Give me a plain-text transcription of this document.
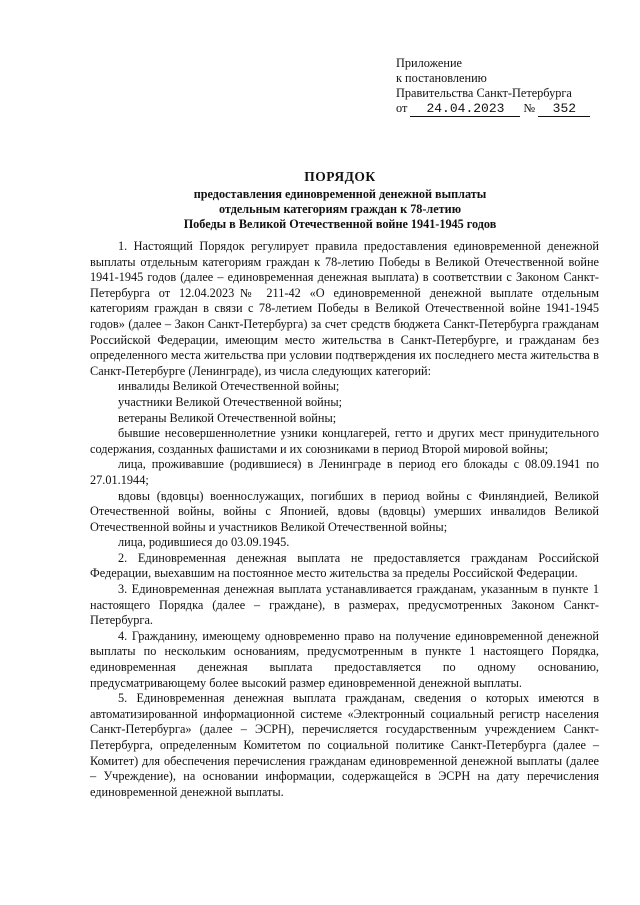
Приложение
к постановлению
Правительства Санкт-Петербурга
от 24.04.2023 № 352
ПОРЯДОК
предоставления единовременной денежной выплаты
отдельным категориям граждан к 78-летию
Победы в Великой Отечественной войне 1941-1945 годов

1. Настоящий Порядок регулирует правила предоставления единовременной денежной выплаты отдельным категориям граждан к 78-летию Победы в Великой Отечественной войне 1941-1945 годов (далее – единовременная денежная выплата) в соответствии с Законом Санкт-Петербурга от 12.04.2023№ 211-42 «О единовременной денежной выплате отдельным категориям граждан в связи с 78-летием Победы в Великой Отечественной войне 1941-1945 годов» (далее – Закон Санкт-Петербурга) за счет средств бюджета Санкт-Петербурга гражданам Российской Федерации, имеющим место жительства в Санкт-Петербурге, и гражданам без определенного места жительства при условии подтверждения их последнего места жительства в Санкт-Петербурге (Ленинграде), из числа следующих категорий:

инвалиды Великой Отечественной войны;

участники Великой Отечественной войны;

ветераны Великой Отечественной войны;

бывшие несовершеннолетние узники концлагерей, гетто и других мест принудительного содержания, созданных фашистами и их союзниками в период Второй мировой войны;

лица, проживавшие (родившиеся) в Ленинграде в период его блокады с 08.09.1941 по 27.01.1944;

вдовы (вдовцы) военнослужащих, погибших в период войны с Финляндией, Великой Отечественной войны, войны с Японией, вдовы (вдовцы) умерших инвалидов Великой Отечественной войны и участников Великой Отечественной войны;

лица, родившиеся до 03.09.1945.

2. Единовременная денежная выплата не предоставляется гражданам Российской Федерации, выехавшим на постоянное место жительства за пределы Российской Федерации.

3. Единовременная денежная выплата устанавливается гражданам, указанным в пункте 1 настоящего Порядка (далее – граждане), в размерах, предусмотренных Законом Санкт-Петербурга.

4. Гражданину, имеющему одновременно право на получение единовременной денежной выплаты по нескольким основаниям, предусмотренным в пункте 1 настоящего Порядка, единовременная денежная выплата предоставляется по одному основанию, предусматривающему более высокий размер единовременной денежной выплаты.

5. Единовременная денежная выплата гражданам, сведения о которых имеются в автоматизированной информационной системе «Электронный социальный регистр населения Санкт-Петербурга» (далее – ЭСРН), перечисляется государственным учреждением Санкт-Петербурга, определенным Комитетом по социальной политике Санкт-Петербурга (далее – Комитет) для обеспечения перечисления гражданам единовременной денежной выплаты (далее – Учреждение), на основании информации, содержащейся в ЭСРН на дату перечисления единовременной денежной выплаты.
